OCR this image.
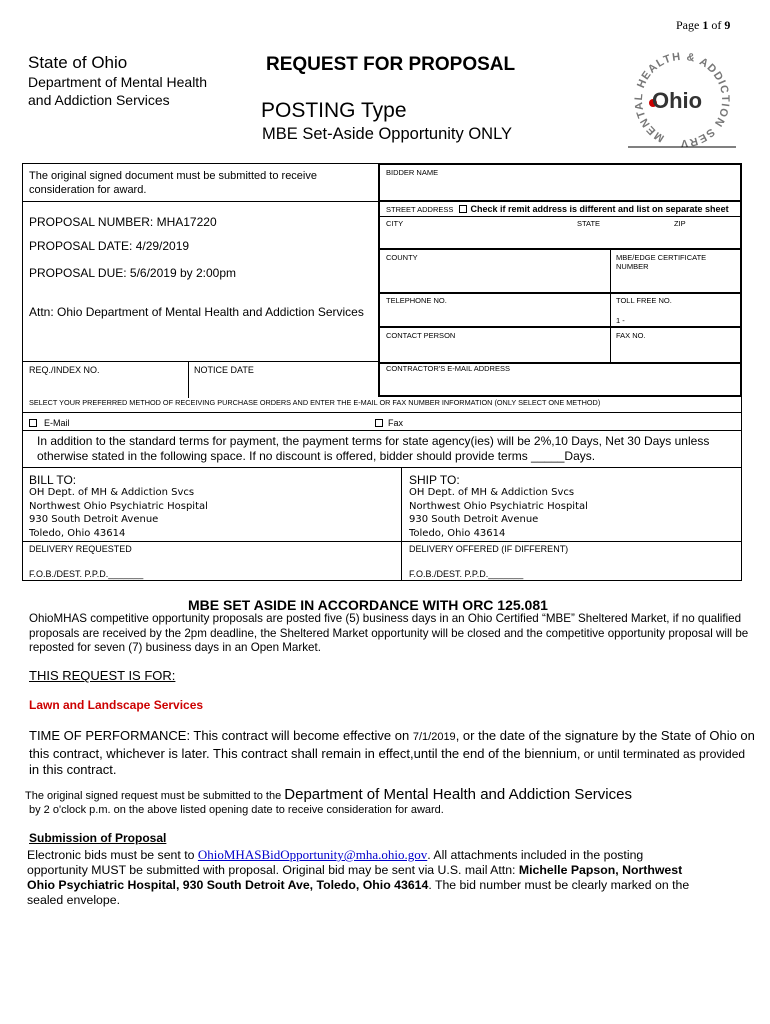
Page 1 of 9
State of Ohio
Department of Mental Health
and Addiction Services
REQUEST FOR PROPOSAL
POSTING Type
MBE Set-Aside Opportunity ONLY	MENTAL HEALTH & ADDICTION SERV
Ohio
The original signed document must be submitted to receive consideration for award.
PROPOSAL NUMBER: MHA17220
PROPOSAL DATE: 4/29/2019
PROPOSAL DUE: 5/6/2019 by 2:00pm
Attn: Ohio Department of Mental Health and Addiction Services
REQ./INDEX NO.	NOTICE DATE
BIDDER NAME
STREET ADDRESS Check if remit address is different and list on separate sheet
CITY	STATE	ZIP
COUNTY	MBE/EDGE CERTIFICATE NUMBER
TELEPHONE NO.	TOLL FREE NO.
1 -
CONTACT PERSON	FAX NO.
CONTRACTOR'S E-MAIL ADDRESS
SELECT YOUR PREFERRED METHOD OF RECEIVING PURCHASE ORDERS AND ENTER THE E-MAIL OR FAX NUMBER INFORMATION (ONLY SELECT ONE METHOD)
E-Mail	Fax
In addition to the standard terms for payment, the payment terms for state agency(ies) will be 2%,10 Days, Net 30 Days unless
otherwise stated in the following space. If no discount is offered, bidder should provide terms _____Days.
BILL TO:
OH Dept. of MH & Addiction Svcs
Northwest Ohio Psychiatric Hospital
930 South Detroit Avenue
Toledo, Ohio 43614
SHIP TO:
OH Dept. of MH & Addiction Svcs
Northwest Ohio Psychiatric Hospital
930 South Detroit Avenue
Toledo, Ohio 43614
DELIVERY REQUESTED	DELIVERY OFFERED (IF DIFFERENT)
F.O.B./DEST. P.P.D._______	F.O.B./DEST. P.P.D._______
MBE SET ASIDE IN ACCORDANCE WITH ORC 125.081
OhioMHAS competitive opportunity proposals are posted five (5) business days in an Ohio Certified “MBE” Sheltered Market, if no qualified
proposals are received by the 2pm deadline, the Sheltered Market opportunity will be closed and the competitive opportunity proposal will be
reposted for seven (7) business days in an Open Market.
THIS REQUEST IS FOR:
Lawn and Landscape Services
TIME OF PERFORMANCE: This contract will become effective on 7/1/2019, or the date of the signature by the State of Ohio on
this contract, whichever is later. This contract shall remain in effect,until the end of the biennium, or until terminated as provided
in this contract.
The original signed request must be submitted to the Department of Mental Health and Addiction Services
by 2 o'clock p.m. on the above listed opening date to receive consideration for award.
Submission of Proposal
Electronic bids must be sent to OhioMHASBidOpportunity@mha.ohio.gov. All attachments included in the posting
opportunity MUST be submitted with proposal. Original bid may be sent via U.S. mail Attn: Michelle Papson, Northwest
Ohio Psychiatric Hospital, 930 South Detroit Ave, Toledo, Ohio 43614. The bid number must be clearly marked on the
sealed envelope.
